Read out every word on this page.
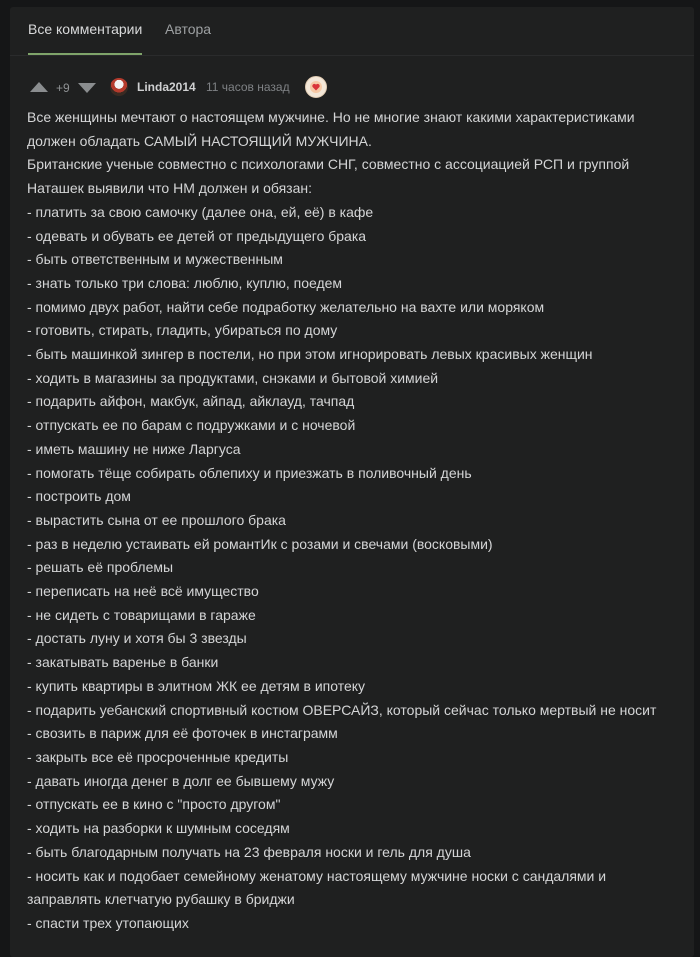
Все комментарии Автора
+9	Linda2014 11 часов назад
Все женщины мечтают о настоящем мужчине. Но не многие знают какими характеристиками
должен обладать САМЫЙ НАСТОЯЩИЙ МУЖЧИНА.
Британские ученые совместно с психологами СНГ, совместно с ассоциацией РСП и группой
Наташек выявили что НМ должен и обязан:
- платить за свою самочку (далее она, ей, её) в кафе
- одевать и обувать ее детей от предыдущего брака
- быть ответственным и мужественным
- знать только три слова: люблю, куплю, поедем
- помимо двух работ, найти себе подработку желательно на вахте или моряком
- готовить, стирать, гладить, убираться по дому
- быть машинкой зингер в постели, но при этом игнорировать левых красивых женщин
- ходить в магазины за продуктами, снэками и бытовой химией
- подарить айфон, макбук, айпад, айклауд, тачпад
- отпускать ее по барам с подружками и с ночевой
- иметь машину не ниже Ларгуса
- помогать тёще собирать облепиху и приезжать в поливочный день
- построить дом
- вырастить сына от ее прошлого брака
- раз в неделю устаивать ей романтИк с розами и свечами (восковыми)
- решать её проблемы
- переписать на неё всё имущество
- не сидеть с товарищами в гараже
- достать луну и хотя бы 3 звезды
- закатывать варенье в банки
- купить квартиры в элитном ЖК ее детям в ипотеку
- подарить уебанский спортивный костюм ОВЕРСАЙЗ, который сейчас только мертвый не носит
- свозить в париж для её фоточек в инстаграмм
- закрыть все её просроченные кредиты
- давать иногда денег в долг ее бывшему мужу
- отпускать ее в кино с "просто другом"
- ходить на разборки к шумным соседям
- быть благодарным получать на 23 февраля носки и гель для душа
- носить как и подобает семейному женатому настоящему мужчине носки с сандалями и
заправлять клетчатую рубашку в бриджи
- спасти трех утопающих
